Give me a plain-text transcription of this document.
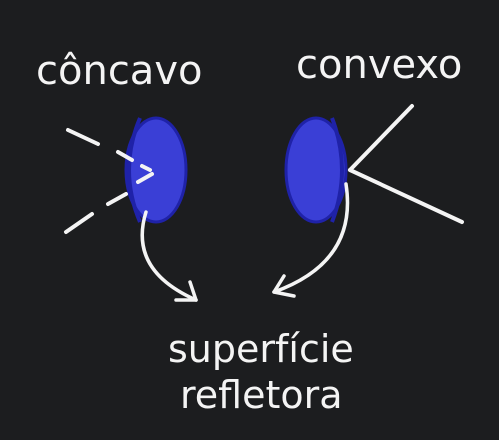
côncavo convexo
superfície
refletora
